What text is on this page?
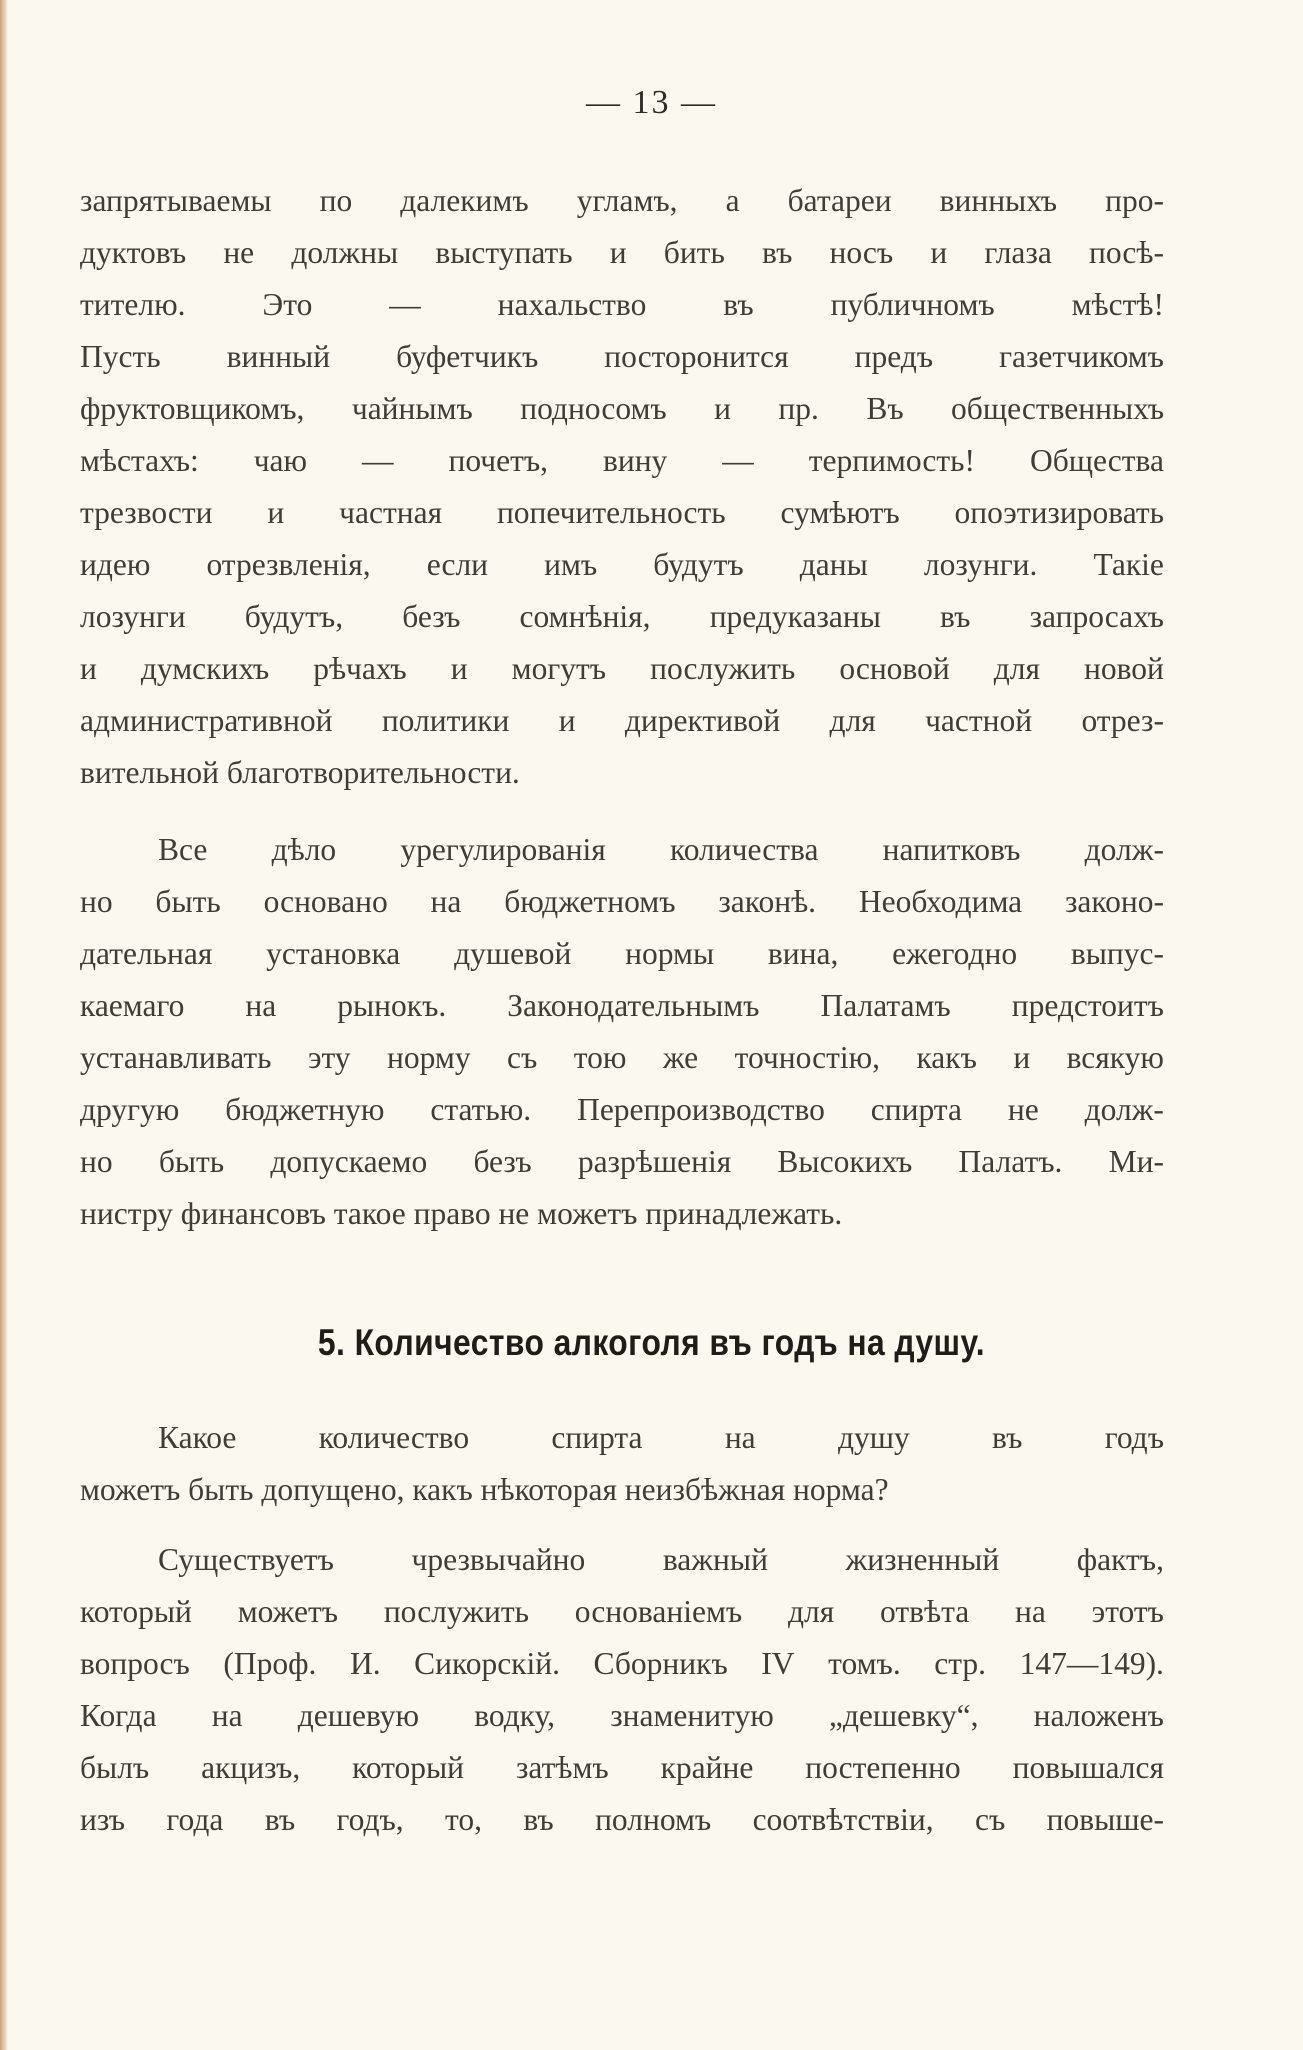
— 13 —
запрятываемы по далекимъ угламъ, а батареи винныхъ про-
дуктовъ не должны выступать и бить въ носъ и глаза посѣ-
тителю. Это — нахальство въ публичномъ мѣстѣ!
Пусть винный буфетчикъ посторонится предъ газетчикомъ
фруктовщикомъ, чайнымъ подносомъ и пр. Въ общественныхъ
мѣстахъ: чаю — почетъ, вину — терпимость! Общества
трезвости и частная попечительность сумѣютъ опоэтизировать
идею отрезвленія, если имъ будутъ даны лозунги. Такіе
лозунги будутъ, безъ сомнѣнія, предуказаны въ запросахъ
и думскихъ рѣчахъ и могутъ послужить основой для новой
административной политики и директивой для частной отрез-
вительной благотворительности.
Все дѣло урегулированія количества напитковъ долж-
но быть основано на бюджетномъ законѣ. Необходима законо-
дательная установка душевой нормы вина, ежегодно выпус-
каемаго на рынокъ. Законодательнымъ Палатамъ предстоитъ
устанавливать эту норму съ тою же точностію, какъ и всякую
другую бюджетную статью. Перепроизводство спирта не долж-
но быть допускаемо безъ разрѣшенія Высокихъ Палатъ. Ми-
нистру финансовъ такое право не можетъ принадлежать.
5. Количество алкоголя въ годъ на душу.
Какое	количество	спирта	на	душу	въ	годъ
можетъ быть допущено, какъ нѣкоторая неизбѣжная норма?
Существуетъ чрезвычайно важный жизненный фактъ,
который можетъ послужить основаніемъ для отвѣта на этотъ
вопросъ (Проф. И. Сикорскій. Сборникъ IV томъ. стр. 147—149).
Когда на дешевую водку, знаменитую „дешевку“, наложенъ
былъ акцизъ, который затѣмъ крайне постепенно повышался
изъ года въ годъ, то, въ полномъ соотвѣтствіи, съ повыше-
